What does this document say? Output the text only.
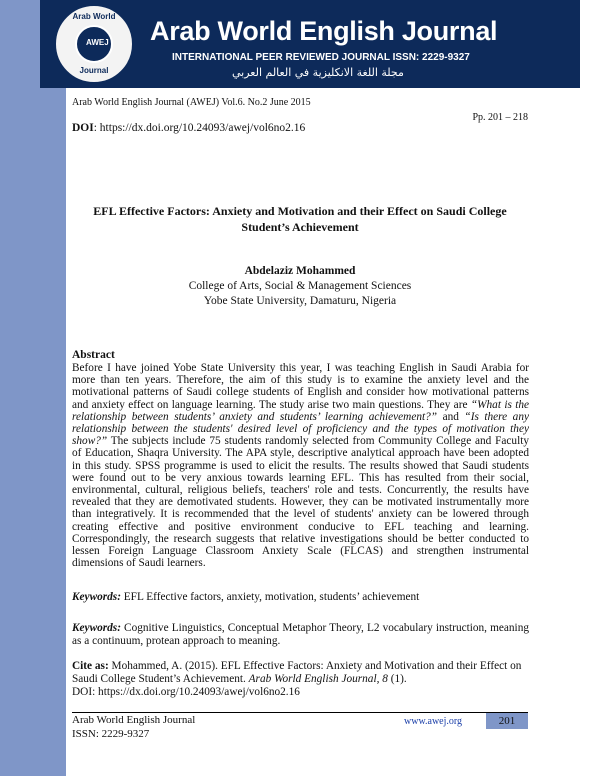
Arab World English Journal
INTERNATIONAL PEER REVIEWED JOURNAL ISSN: 2229-9327
مجلة اللغة الانكليزية في العالم العربي
Arab World
AWEJ
Journal
Arab World English Journal (AWEJ) Vol.6. No.2 June 2015
Pp. 201 – 218
DOI: https://dx.doi.org/10.24093/awej/vol6no2.16
EFL Effective Factors: Anxiety and Motivation and their Effect on Saudi College Student’s Achievement
Abdelaziz Mohammed
College of Arts, Social & Management Sciences
Yobe State University, Damaturu, Nigeria
Abstract
Before I have joined Yobe State University this year, I was teaching English in Saudi Arabia for more than ten years. Therefore, the aim of this study is to examine the anxiety level and the motivational patterns of Saudi college students of English and consider how motivational patterns and anxiety effect on language learning. The study arise two main questions. They are “What is the relationship between students’ anxiety and students’ learning achievement?” and “Is there any relationship between the students' desired level of proficiency and the types of motivation they show?” The subjects include 75 students randomly selected from Community College and Faculty of Education, Shaqra University. The APA style, descriptive analytical approach have been adopted in this study. SPSS programme is used to elicit the results. The results showed that Saudi students were found out to be very anxious towards learning EFL. This has resulted from their social, environmental, cultural, religious beliefs, teachers' role and tests. Concurrently, the results have revealed that they are demotivated students. However, they can be motivated instrumentally more than integratively. It is recommended that the level of students' anxiety can be lowered through creating effective and positive environment conducive to EFL teaching and learning. Correspondingly, the research suggests that relative investigations should be better conducted to lessen Foreign Language Classroom Anxiety Scale (FLCAS) and strengthen instrumental dimensions of Saudi learners.
Keywords: EFL Effective factors, anxiety, motivation, students’ achievement
Keywords: Cognitive Linguistics, Conceptual Metaphor Theory, L2 vocabulary instruction, meaning as a continuum, protean approach to meaning.
Cite as: Mohammed, A. (2015). EFL Effective Factors: Anxiety and Motivation and their Effect on Saudi College Student’s Achievement. Arab World English Journal, 8 (1).
DOI: https://dx.doi.org/10.24093/awej/vol6no2.16
Arab World English Journal
ISSN: 2229-9327
www.awej.org	201
